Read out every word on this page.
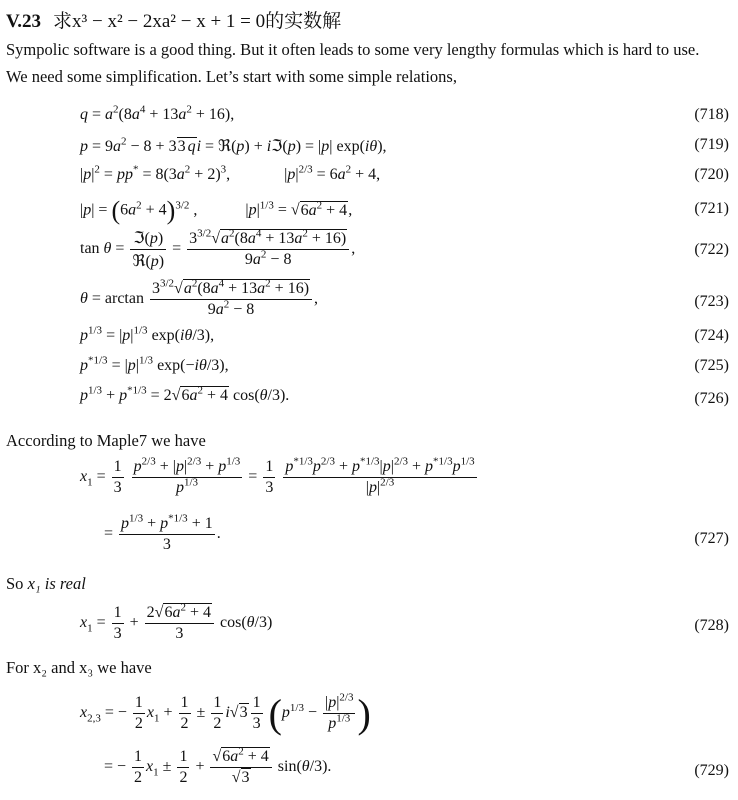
V.23 求x³ − x² − 2xa² − x + 1 = 0的实数解
Sympolic software is a good thing. But it often leads to some very lengthy formulas which is hard to use.
We need some simplification. Let’s start with some simple relations,
$q = a^2(8a^4 + 13a^2 + 16)$,	(718)
$p = 9a^2 - 8 + 33$ qi = ℜ(p) + iℑ(p) = |p| exp(iθ),	(719)
$|p|^2 = pp^* = 8(3a^2 + 2)^3$,	$|p|^{2/3} = 6a^2 + 4$,	(720)
$|p| = (6a^2 + 4)^{3/2}$ ,	$|p|^{1/3} = √6a^2 + 4$,	(721)
$\tan \theta = \frac{\text{ℑ(p)}}{\text{ℜ(p)}} = \frac{3^{3/2}√a^2(8a^4 + 13a^2 + 16)}{9a^2 - 8}$ ,	(722)
$\theta = \arctan \frac{3^{3/2}√a^2(8a^4 + 13a^2 + 16)}{9a^2 - 8}$ ,	(723)
$p^{1/3} = |p|^{1/3}$ exp(iθ/3),	(724)
$p^{*1/3} = |p|^{1/3}$ exp(−iθ/3),	(725)
$p^{1/3} + p^{*1/3} = 2√6a^2 + 4$ cos(θ/3).	(726)
According to Maple7 we have
$x_1 = \frac{1}{3}$
$\frac{p^{2/3} + |p|^{2/3} + p^{1/3}}{p^{1/3}} = \frac{1}{3}$
$\frac{p^{*1/3}p^{2/3} + p^{*1/3}|p|^{2/3} + p^{*1/3}p^{1/3}}{|p|^{2/3}}$
= $\frac{p^{1/3} + p^{*1/3} + 1}{3}$ .	(727)
So x₁ is real
$x_1 = \frac{1}{3} + \frac{2√6a^2 + 4}{3} \cos(\theta/3)$	(728)
For x₂ and x₃ we have
$x_{2,3}$ = − $\frac{1}{2} x_1 + \frac{1}{2} \pm \frac{1}{2} i√3 \frac{1}{3} (p^{1/3} - \frac{|p|^{2/3}}{p^{1/3}}$ )
= − $\frac{1}{2} x_1 \pm \frac{1}{2} + \frac{√6a^2 + 4}{√3} \sin(\theta/3)$.	(729)
